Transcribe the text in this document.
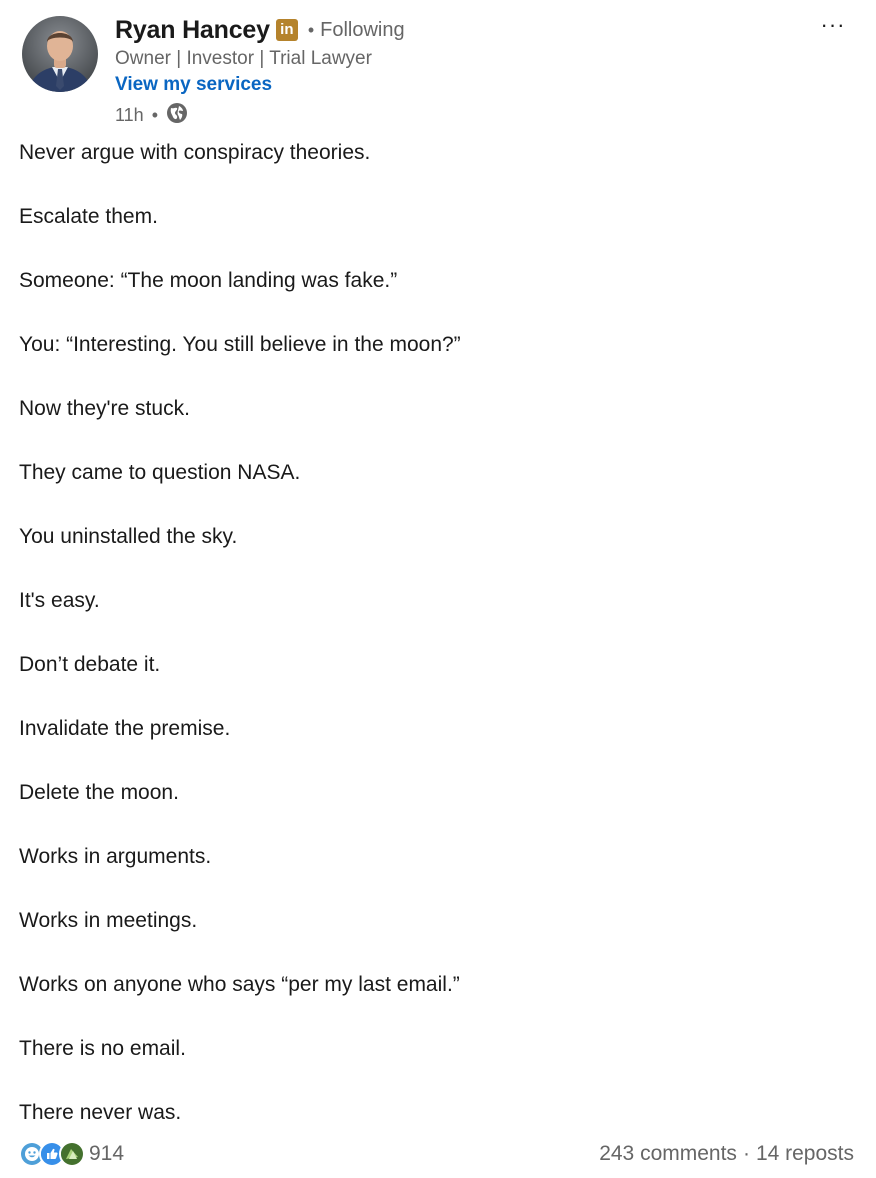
Ryan Hancey in • Following
Owner | Investor | Trial Lawyer
View my services
11h •
···
Never argue with conspiracy theories.
Escalate them.
Someone: “The moon landing was fake.”
You: “Interesting. You still believe in the moon?”
Now they're stuck.
They came to question NASA.
You uninstalled the sky.
It's easy.
Don’t debate it.
Invalidate the premise.
Delete the moon.
Works in arguments.
Works in meetings.
Works on anyone who says “per my last email.”
There is no email.
There never was.
914	243 comments · 14 reposts
